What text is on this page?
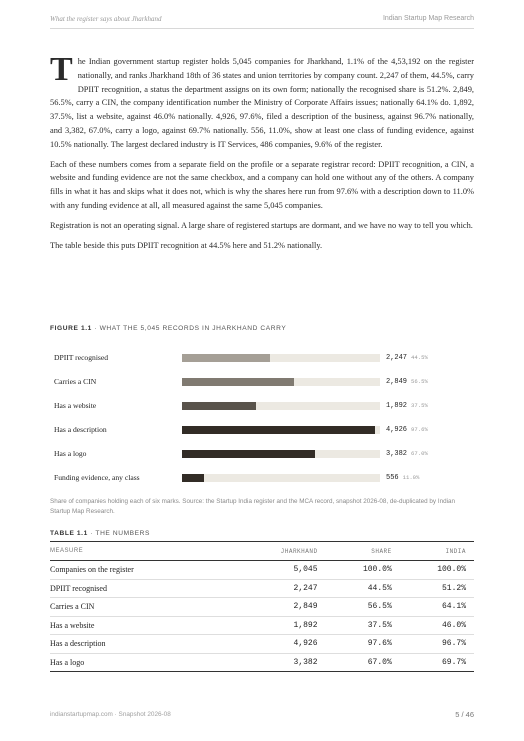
What the register says about Jharkhand	Indian Startup Map Research

The Indian government startup register holds 5,045 companies for Jharkhand, 1.1% of the 4,53,192 on the register nationally, and ranks Jharkhand 18th of 36 states and union territories by company count. 2,247 of them, 44.5%, carry DPIIT recognition, a status the department assigns on its own form; nationally the recognised share is 51.2%. 2,849, 56.5%, carry a CIN, the company identification number the Ministry of Corporate Affairs issues; nationally 64.1% do. 1,892, 37.5%, list a website, against 46.0% nationally. 4,926, 97.6%, filed a description of the business, against 96.7% nationally, and 3,382, 67.0%, carry a logo, against 69.7% nationally. 556, 11.0%, show at least one class of funding evidence, against 10.5% nationally. The largest declared industry is IT Services, 486 companies, 9.6% of the register.

Each of these numbers comes from a separate field on the profile or a separate registrar record: DPIIT recognition, a CIN, a website and funding evidence are not the same checkbox, and a company can hold one without any of the others. A company fills in what it has and skips what it does not, which is why the shares here run from 97.6% with a description down to 11.0% with any funding evidence at all, all measured against the same 5,045 companies.

Registration is not an operating signal. A large share of registered startups are dormant, and we have no way to tell you which.

The table beside this puts DPIIT recognition at 44.5% here and 51.2% nationally.

FIGURE 1.1 · WHAT THE 5,045 RECORDS IN JHARKHAND CARRY
DPIIT recognised	2,247 44.5%
Carries a CIN	2,849 56.5%
Has a website	1,892 37.5%
Has a description	4,926 97.6%
Has a logo	3,382 67.0%
Funding evidence, any class	556 11.0%
Share of companies holding each of six marks. Source: the Startup India register and the MCA record, snapshot 2026-08, de-duplicated by Indian Startup Map Research.
TABLE 1.1 · THE NUMBERS
MEASURE	JHARKHAND	SHARE	INDIA
Companies on the register	5,045	100.0%	100.0%
DPIIT recognised	2,247	44.5%	51.2%
Carries a CIN	2,849	56.5%	64.1%
Has a website	1,892	37.5%	46.0%
Has a description	4,926	97.6%	96.7%
Has a logo	3,382	67.0%	69.7%
indianstartupmap.com · Snapshot 2026-08	5 / 46
